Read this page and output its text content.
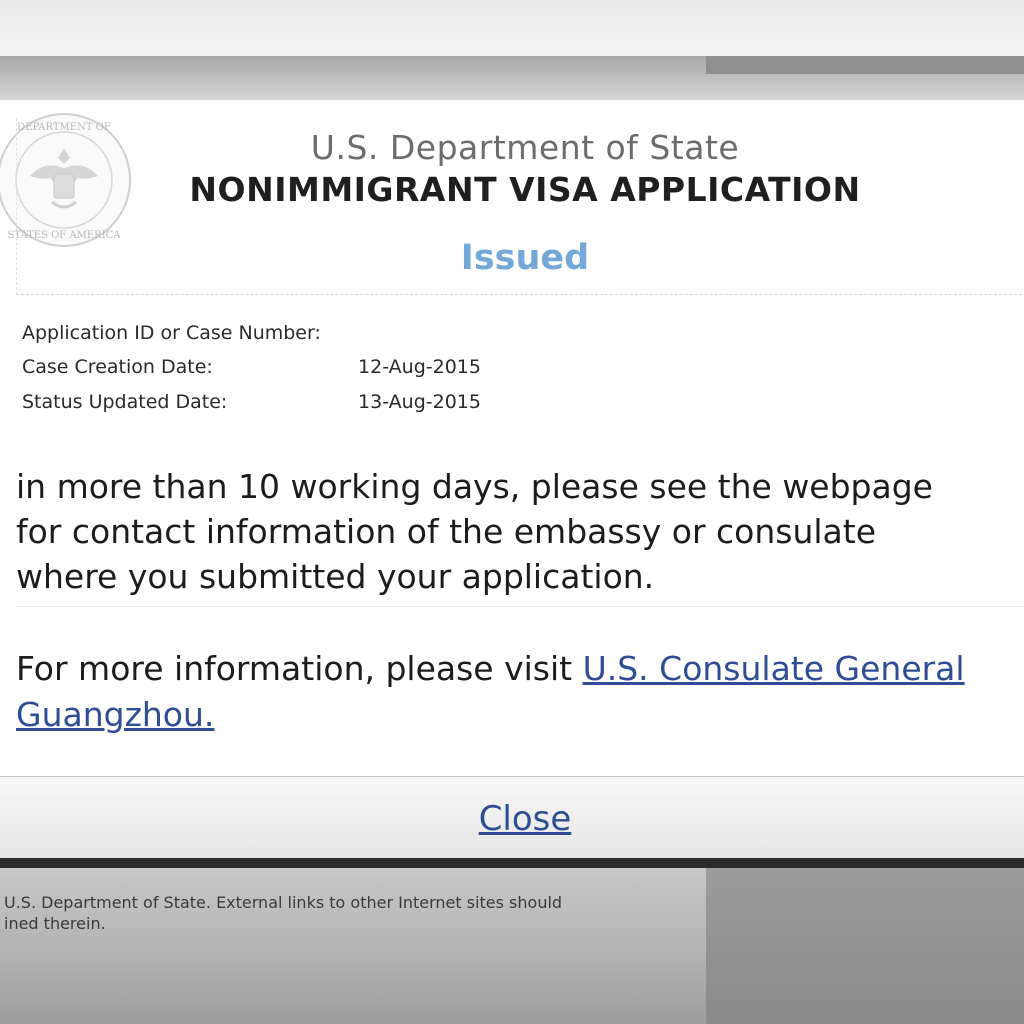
DEPARTMENT OF
STATES OF AMERICA
U.S. Department of State
NONIMMIGRANT VISA APPLICATION
Issued
Application ID or Case Number:
Case Creation Date:	12-Aug-2015
Status Updated Date:	13-Aug-2015
in more than 10 working days, please see the webpage
for contact information of the embassy or consulate
where you submitted your application.
For more information, please visit U.S. Consulate General
Guangzhou.
Close
U.S. Department of State. External links to other Internet sites should
ined therein.
